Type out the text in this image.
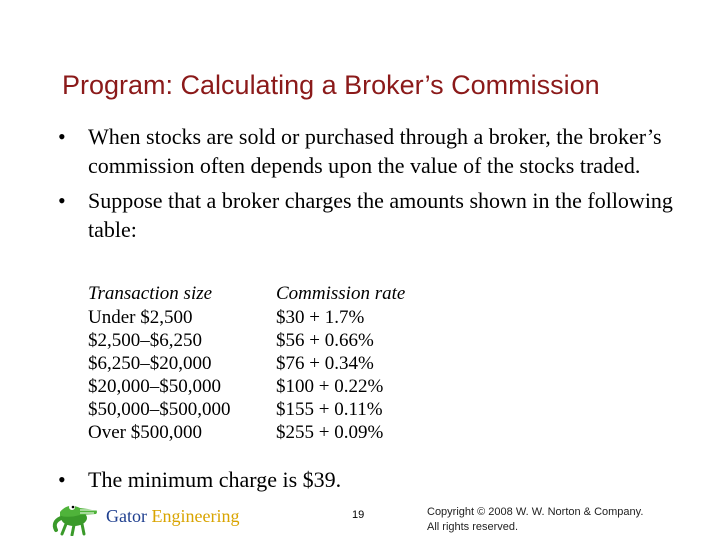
Program: Calculating a Broker’s Commission
• When stocks are sold or purchased through a broker, the broker’s commission often depends upon the value of the stocks traded.
• Suppose that a broker charges the amounts shown in the following table:
Transaction size	Commission rate
Under $2,500	$30 + 1.7%
$2,500–$6,250	$56 + 0.66%
$6,250–$20,000	$76 + 0.34%
$20,000–$50,000	$100 + 0.22%
$50,000–$500,000	$155 + 0.11%
Over $500,000	$255 + 0.09%
• The minimum charge is $39.
Gator Engineering	19	Copyright © 2008 W. W. Norton & Company.
All rights reserved.
